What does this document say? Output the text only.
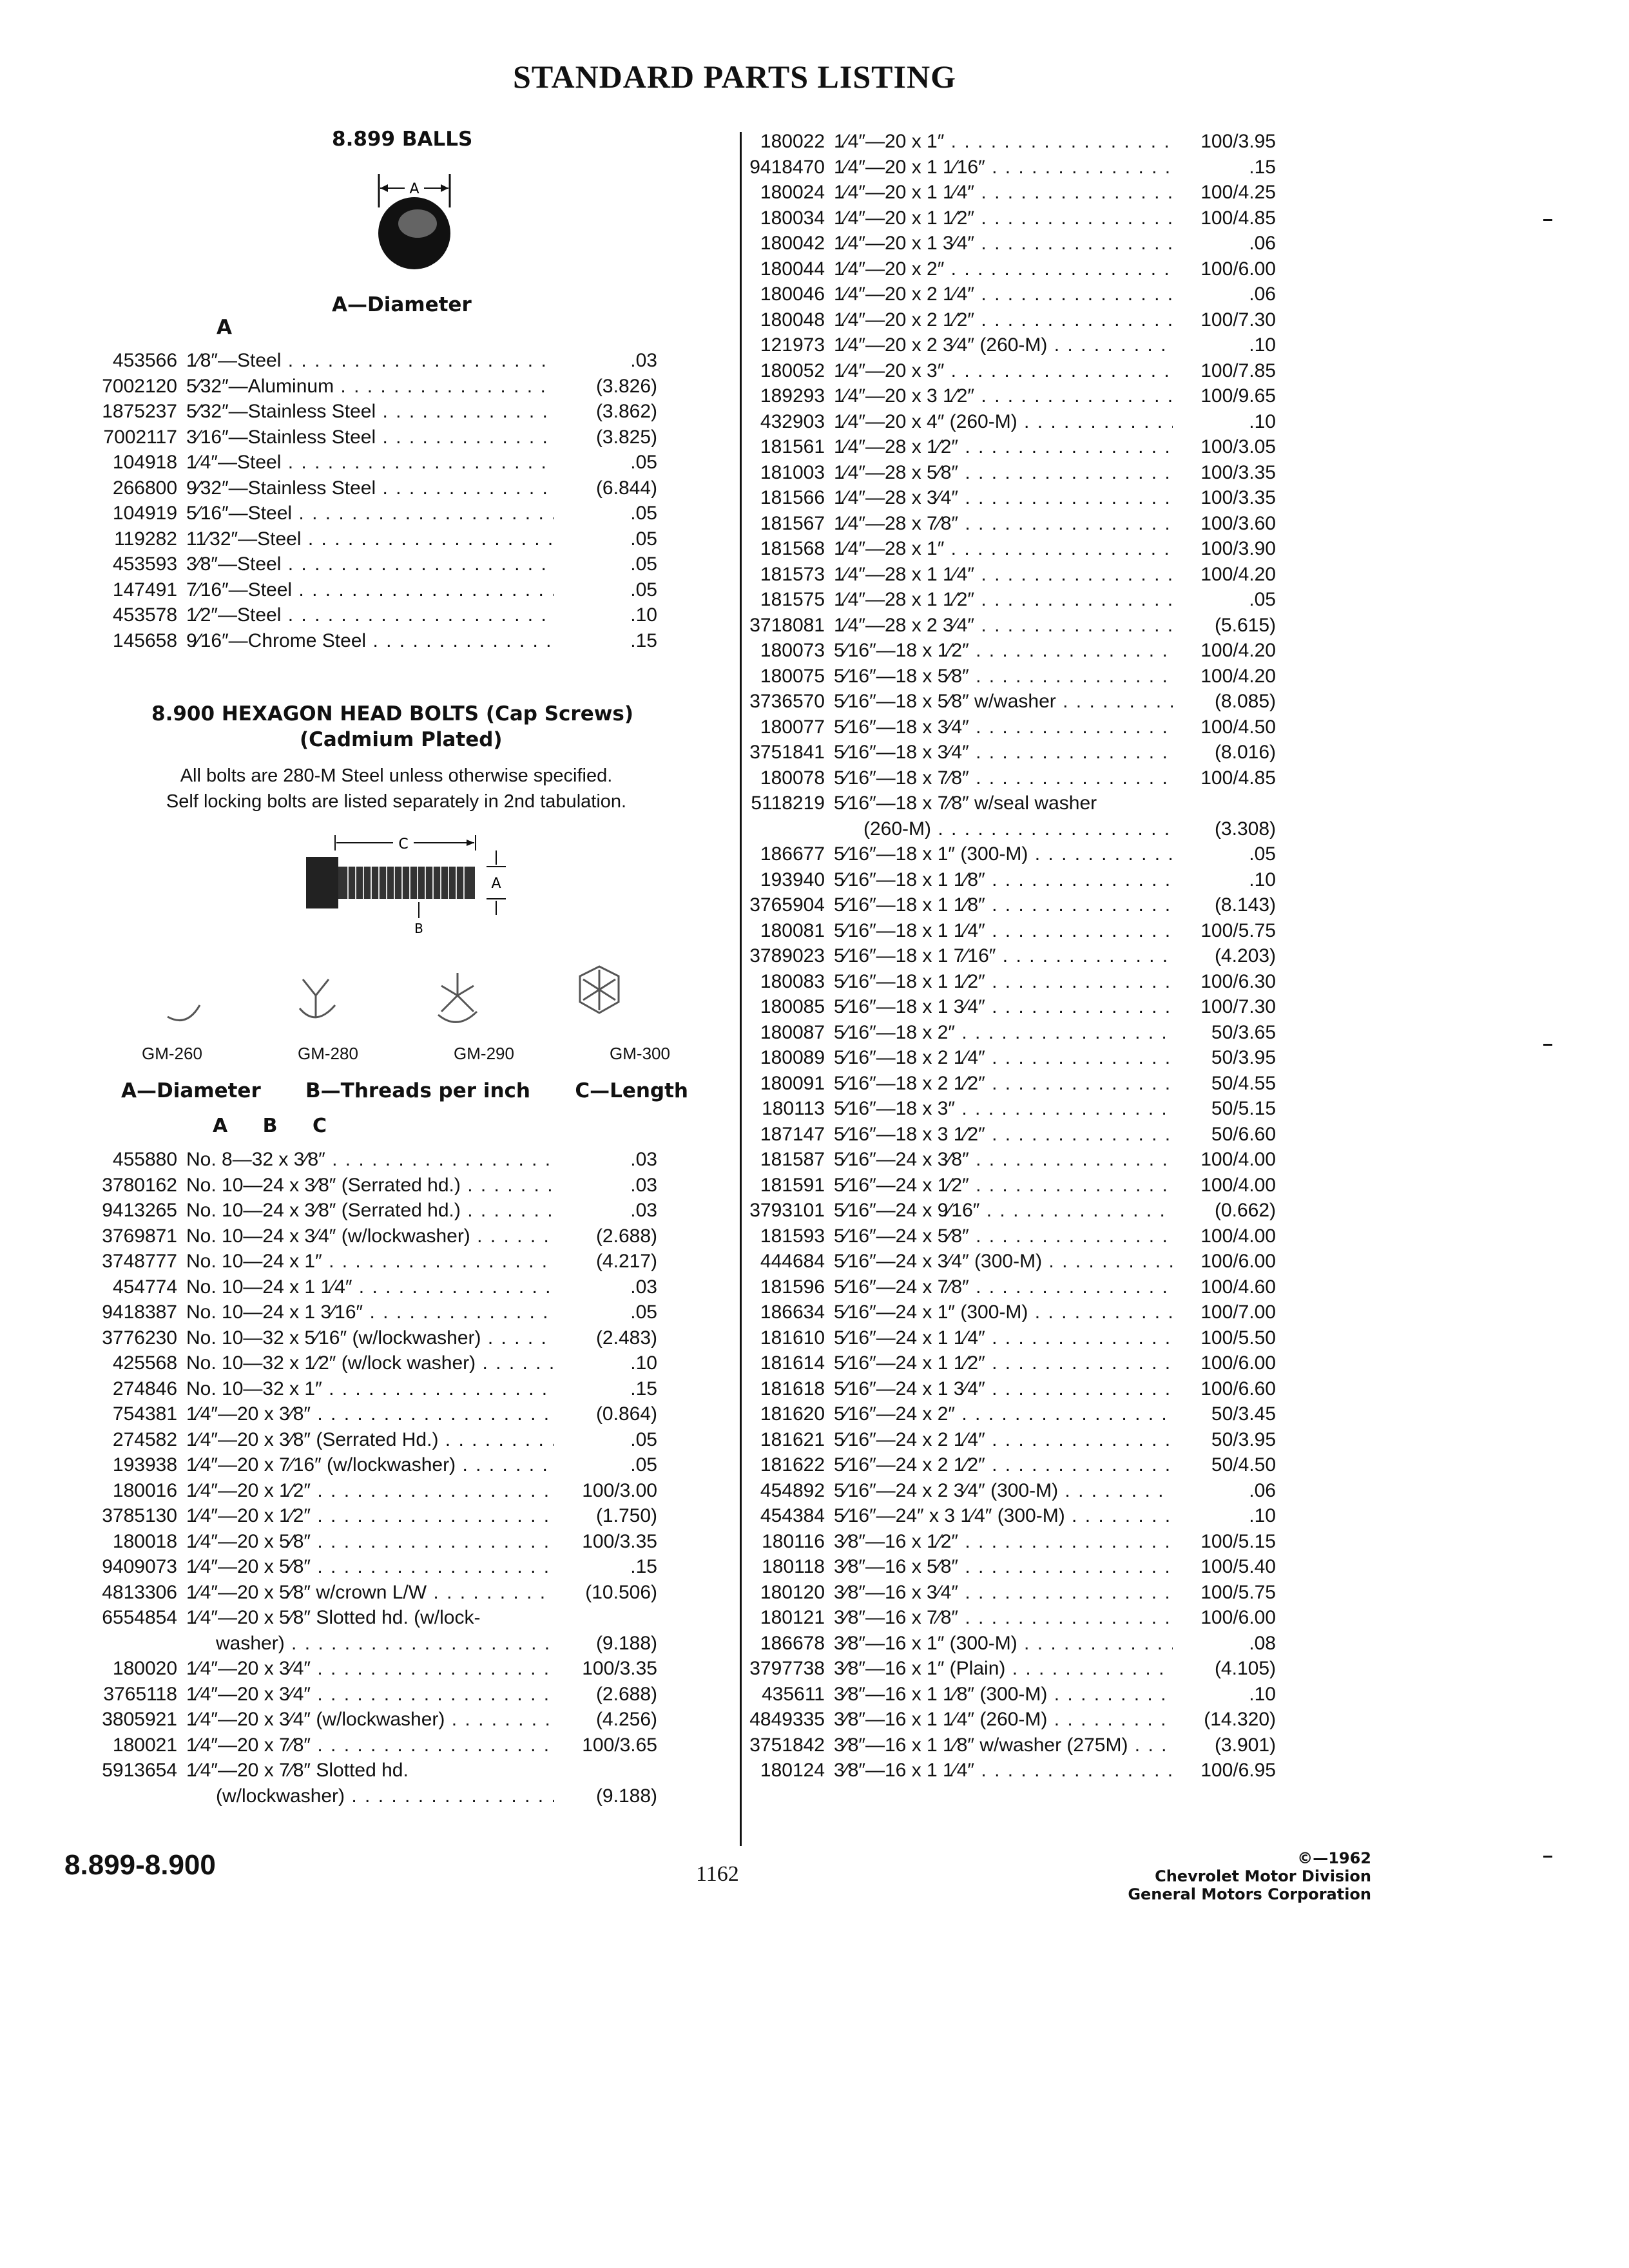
STANDARD PARTS LISTING
8.899 BALLS
A
A—Diameter
A
453566 1⁄8″—Steel . . .	.03
7002120 5⁄32″—Aluminum . . .	(3.826)
1875237 5⁄32″—Stainless Steel . . .	(3.862)
7002117 3⁄16″—Stainless Steel . . .	(3.825)
104918 1⁄4″—Steel . . .	.05
266800 9⁄32″—Stainless Steel . . .	(6.844)
104919 5⁄16″—Steel . . .	.05
119282 11⁄32″—Steel . . .	.05
453593 3⁄8″—Steel . . .	.05
147491 7⁄16″—Steel . . .	.05
453578 1⁄2″—Steel . . .	.10
145658 9⁄16″—Chrome Steel . . .	.15
8.900 HEXAGON HEAD BOLTS (Cap Screws)
(Cadmium Plated)
All bolts are 280-M Steel unless otherwise specified.
Self locking bolts are listed separately in 2nd tabulation.
C
A
B
GM-260	GM-280	GM-290	GM-300
A—Diameter B—Threads per inch C—Length
A B C
455880 No. 8—32 x 3⁄8″ . . .	.03
3780162 No. 10—24 x 3⁄8″ (Serrated hd.) . . .	.03
9413265 No. 10—24 x 3⁄8″ (Serrated hd.) . . .	.03
3769871 No. 10—24 x 3⁄4″ (w/lockwasher) . . .	(2.688)
3748777 No. 10—24 x 1″ . . .	(4.217)
454774 No. 10—24 x 1 1⁄4″ . . .	.03
9418387 No. 10—24 x 1 3⁄16″ . . .	.05
3776230 No. 10—32 x 5⁄16″ (w/lockwasher) . . .	(2.483)
425568 No. 10—32 x 1⁄2″ (w/lock washer) . . .	.10
274846 No. 10—32 x 1″ . . .	.15
754381 1⁄4″—20 x 3⁄8″ . . .	(0.864)
274582 1⁄4″—20 x 3⁄8″ (Serrated Hd.) . . .	.05
193938 1⁄4″—20 x 7⁄16″ (w/lockwasher) . . .	.05
180016 1⁄4″—20 x 1⁄2″ . . .	100/3.00
3785130 1⁄4″—20 x 1⁄2″ . . .	(1.750)
180018 1⁄4″—20 x 5⁄8″ . . .	100/3.35
9409073 1⁄4″—20 x 5⁄8″ . . .	.15
4813306 1⁄4″—20 x 5⁄8″ w/crown L/W . . .	(10.506)
6554854 1⁄4″—20 x 5⁄8″ Slotted hd. (w/lock-
washer) . . .	(9.188)
180020 1⁄4″—20 x 3⁄4″ . . .	100/3.35
3765118 1⁄4″—20 x 3⁄4″ . . .	(2.688)
3805921 1⁄4″—20 x 3⁄4″ (w/lockwasher) . . .	(4.256)
180021 1⁄4″—20 x 7⁄8″ . . .	100/3.65
5913654 1⁄4″—20 x 7⁄8″ Slotted hd.
(w/lockwasher) . . .	(9.188)
180022 1⁄4″—20 x 1″ . . .	100/3.95
9418470 1⁄4″—20 x 1 1⁄16″ . . .	.15
180024 1⁄4″—20 x 1 1⁄4″ . . .	100/4.25
180034 1⁄4″—20 x 1 1⁄2″ . . .	100/4.85
180042 1⁄4″—20 x 1 3⁄4″ . . .	.06
180044 1⁄4″—20 x 2″ . . .	100/6.00
180046 1⁄4″—20 x 2 1⁄4″ . . .	.06
180048 1⁄4″—20 x 2 1⁄2″ . . .	100/7.30
121973 1⁄4″—20 x 2 3⁄4″ (260-M) . . .	.10
180052 1⁄4″—20 x 3″ . . .	100/7.85
189293 1⁄4″—20 x 3 1⁄2″ . . .	100/9.65
432903 1⁄4″—20 x 4″ (260-M) . . .	.10
181561 1⁄4″—28 x 1⁄2″ . . .	100/3.05
181003 1⁄4″—28 x 5⁄8″ . . .	100/3.35
181566 1⁄4″—28 x 3⁄4″ . . .	100/3.35
181567 1⁄4″—28 x 7⁄8″ . . .	100/3.60
181568 1⁄4″—28 x 1″ . . .	100/3.90
181573 1⁄4″—28 x 1 1⁄4″ . . .	100/4.20
181575 1⁄4″—28 x 1 1⁄2″ . . .	.05
3718081 1⁄4″—28 x 2 3⁄4″ . . .	(5.615)
180073 5⁄16″—18 x 1⁄2″ . . .	100/4.20
180075 5⁄16″—18 x 5⁄8″ . . .	100/4.20
3736570 5⁄16″—18 x 5⁄8″ w/washer . . .	(8.085)
180077 5⁄16″—18 x 3⁄4″ . . .	100/4.50
3751841 5⁄16″—18 x 3⁄4″ . . .	(8.016)
180078 5⁄16″—18 x 7⁄8″ . . .	100/4.85
5118219 5⁄16″—18 x 7⁄8″ w/seal washer
(260-M) . . .	(3.308)
186677 5⁄16″—18 x 1″ (300-M) . . .	.05
193940 5⁄16″—18 x 1 1⁄8″ . . .	.10
3765904 5⁄16″—18 x 1 1⁄8″ . . .	(8.143)
180081 5⁄16″—18 x 1 1⁄4″ . . .	100/5.75
3789023 5⁄16″—18 x 1 7⁄16″ . . .	(4.203)
180083 5⁄16″—18 x 1 1⁄2″ . . .	100/6.30
180085 5⁄16″—18 x 1 3⁄4″ . . .	100/7.30
180087 5⁄16″—18 x 2″ . . .	50/3.65
180089 5⁄16″—18 x 2 1⁄4″ . . .	50/3.95
180091 5⁄16″—18 x 2 1⁄2″ . . .	50/4.55
180113 5⁄16″—18 x 3″ . . .	50/5.15
187147 5⁄16″—18 x 3 1⁄2″ . . .	50/6.60
181587 5⁄16″—24 x 3⁄8″ . . .	100/4.00
181591 5⁄16″—24 x 1⁄2″ . . .	100/4.00
3793101 5⁄16″—24 x 9⁄16″ . . .	(0.662)
181593 5⁄16″—24 x 5⁄8″ . . .	100/4.00
444684 5⁄16″—24 x 3⁄4″ (300-M) . . .	100/6.00
181596 5⁄16″—24 x 7⁄8″ . . .	100/4.60
186634 5⁄16″—24 x 1″ (300-M) . . .	100/7.00
181610 5⁄16″—24 x 1 1⁄4″ . . .	100/5.50
181614 5⁄16″—24 x 1 1⁄2″ . . .	100/6.00
181618 5⁄16″—24 x 1 3⁄4″ . . .	100/6.60
181620 5⁄16″—24 x 2″ . . .	50/3.45
181621 5⁄16″—24 x 2 1⁄4″ . . .	50/3.95
181622 5⁄16″—24 x 2 1⁄2″ . . .	50/4.50
454892 5⁄16″—24 x 2 3⁄4″ (300-M) . . .	.06
454384 5⁄16″—24″ x 3 1⁄4″ (300-M) . . .	.10
180116 3⁄8″—16 x 1⁄2″ . . .	100/5.15
180118 3⁄8″—16 x 5⁄8″ . . .	100/5.40
180120 3⁄8″—16 x 3⁄4″ . . .	100/5.75
180121 3⁄8″—16 x 7⁄8″ . . .	100/6.00
186678 3⁄8″—16 x 1″ (300-M) . . .	.08
3797738 3⁄8″—16 x 1″ (Plain) . . .	(4.105)
435611 3⁄8″—16 x 1 1⁄8″ (300-M) . . .	.10
4849335 3⁄8″—16 x 1 1⁄4″ (260-M) . . .	(14.320)
3751842 3⁄8″—16 x 1 1⁄8″ w/washer (275M) . . .	(3.901)
180124 3⁄8″—16 x 1 1⁄4″ . . .	100/6.95
8.899-8.900	1162
©—1962
Chevrolet Motor Division
General Motors Corporation
